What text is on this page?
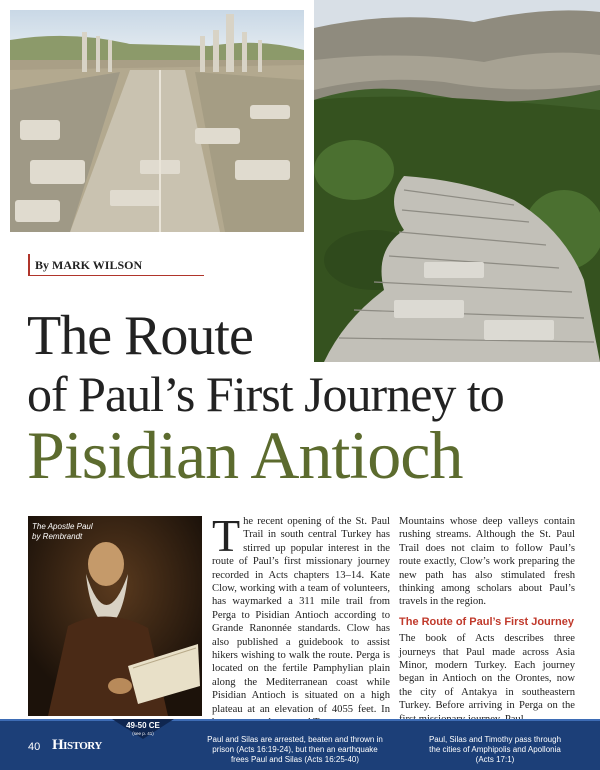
By MARK WILSON
The Route
of Paul’s First Journey to
Pisidian Antioch
The Apostle Paul
by Rembrandt	T he recent opening of the St. Paul Trail in south central Turkey has stirred up popular interest in the route of Paul’s first missionary journey recorded in Acts chapters 13–14. Kate Clow, working with a team of volunteers, has waymarked a 311 mile trail from Perga to Pisidian Antioch according to Grande Ranonnée standards. Clow has also published a guidebook to assist hikers wishing to walk the route. Perga is located on the fertile Pamphylian plain along the Mediterranean coast while Pisidian Antioch is situated on a high plateau at an elevation of 4055 feet. In

Mountains whose deep valleys contain rushing streams. Although the St. Paul Trail does not claim to follow Paul’s route exactly, Clow’s work preparing the new path has also stimulated fresh thinking among scholars about Paul’s travels in the region.

The Route of Paul’s First Journey

The book of Acts describes three journeys that Paul made across Asia Minor, modern Turkey. Each journey began in Antioch on the Orontes, now the city of Antakya in southeastern Turkey. Before arriving in Perga on the

40 HISTORY
49-50 CE
(see p. 41)
Paul and Silas are arrested, beaten and thrown in prison (Acts 16:19-24), but then an earthquake frees Paul and Silas (Acts 16:25-40)
Paul, Silas and Timothy pass through the cities of Amphipolis and Apollonia (Acts 17:1)
